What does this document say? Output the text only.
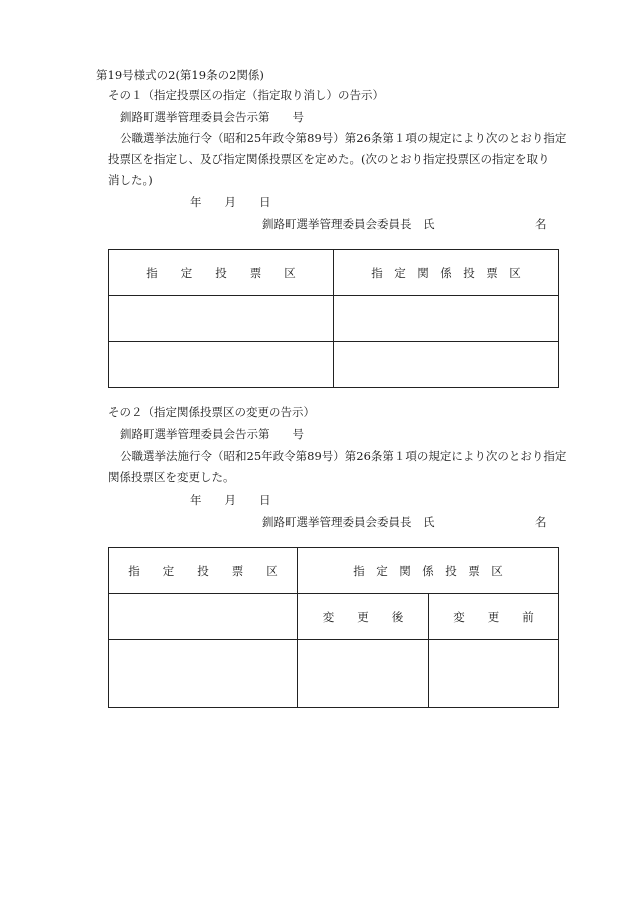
第19号様式の2(第19条の2関係)
その１（指定投票区の指定（指定取り消し）の告示）
釧路町選挙管理委員会告示第　　号
公職選挙法施行令（昭和25年政令第89号）第26条第１項の規定により次のとおり指定
投票区を指定し、及び指定関係投票区を定めた。(次のとおり指定投票区の指定を取り
消した。)
年　　月　　日
釧路町選挙管理委員会委員長　氏	名
指　　定　　投　　票　　区	指　定　関　係　投　票　区

その２（指定関係投票区の変更の告示）
釧路町選挙管理委員会告示第　　号
公職選挙法施行令（昭和25年政令第89号）第26条第１項の規定により次のとおり指定
関係投票区を変更した。
年　　月　　日
釧路町選挙管理委員会委員長　氏	名
指　　定　　投　　票　　区	指　定　関　係　投　票　区	
	変　　更　　後	変　　更　　前
